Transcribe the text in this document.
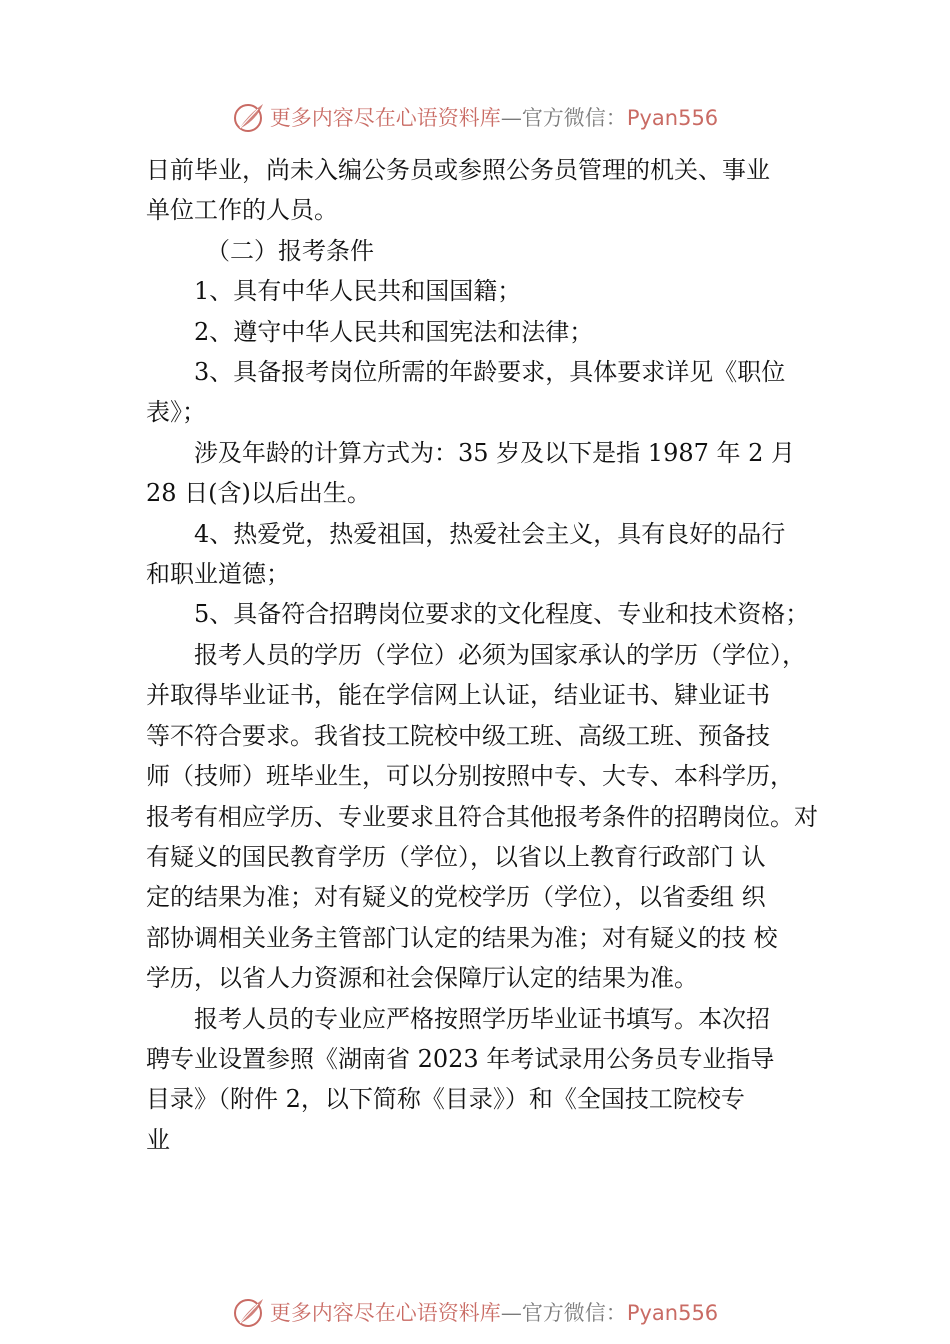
更多内容尽在心语资料库—官方微信：Pyan556

日前毕业，尚未入编公务员或参照公务员管理的机关、事业

单位工作的人员。

（二）报考条件

1、具有中华人民共和国国籍；

2、遵守中华人民共和国宪法和法律；

3、具备报考岗位所需的年龄要求，具体要求详见《职位

表》；

涉及年龄的计算方式为：35 岁及以下是指 1987 年 2 月

28 日(含)以后出生。

4、热爱党，热爱祖国，热爱社会主义，具有良好的品行

和职业道德；

5、具备符合招聘岗位要求的文化程度、专业和技术资格；

报考人员的学历（学位）必须为国家承认的学历（学位），

并取得毕业证书，能在学信网上认证，结业证书、肄业证书

等不符合要求。我省技工院校中级工班、高级工班、预备技

师（技师）班毕业生，可以分别按照中专、大专、本科学历，

报考有相应学历、专业要求且符合其他报考条件的招聘岗位。对

有疑义的国民教育学历（学位），以省以上教育行政部门 认

定的结果为准；对有疑义的党校学历（学位），以省委组 织

部协调相关业务主管部门认定的结果为准；对有疑义的技 校

学历，以省人力资源和社会保障厅认定的结果为准。

报考人员的专业应严格按照学历毕业证书填写。本次招

聘专业设置参照《湖南省 2023 年考试录用公务员专业指导

目录》（附件 2，以下简称《目录》）和《全国技工院校专

业

更多内容尽在心语资料库—官方微信：Pyan556
